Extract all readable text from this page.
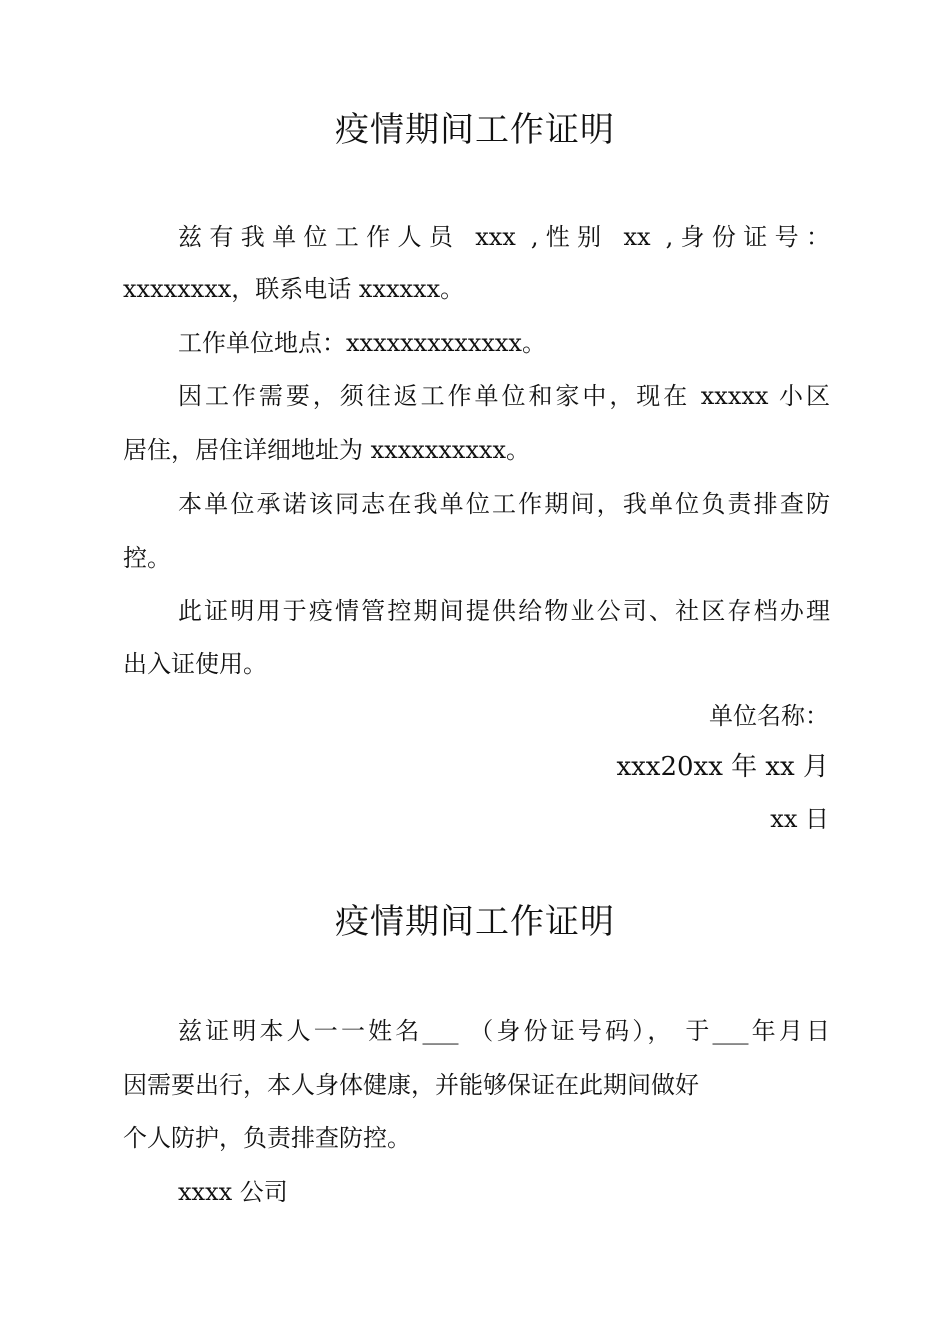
疫情期间工作证明
兹有我单位工作人员 xxx ,性别 xx ,身份证号：
xxxxxxxx，联系电话 xxxxxx。
工作单位地点：xxxxxxxxxxxxx。
因工作需要，须往返工作单位和家中，现在 xxxxx 小区
居住，居住详细地址为 xxxxxxxxxx。
本单位承诺该同志在我单位工作期间，我单位负责排查防
控。
此证明用于疫情管控期间提供给物业公司、社区存档办理
出入证使用。
单位名称：
xxx20xx 年 xx 月
xx 日
疫情期间工作证明
兹证明本人一一姓名___ （身份证号码）， 于___年月日
因需要出行，本人身体健康，并能够保证在此期间做好
个人防护，负责排查防控。
xxxx 公司
